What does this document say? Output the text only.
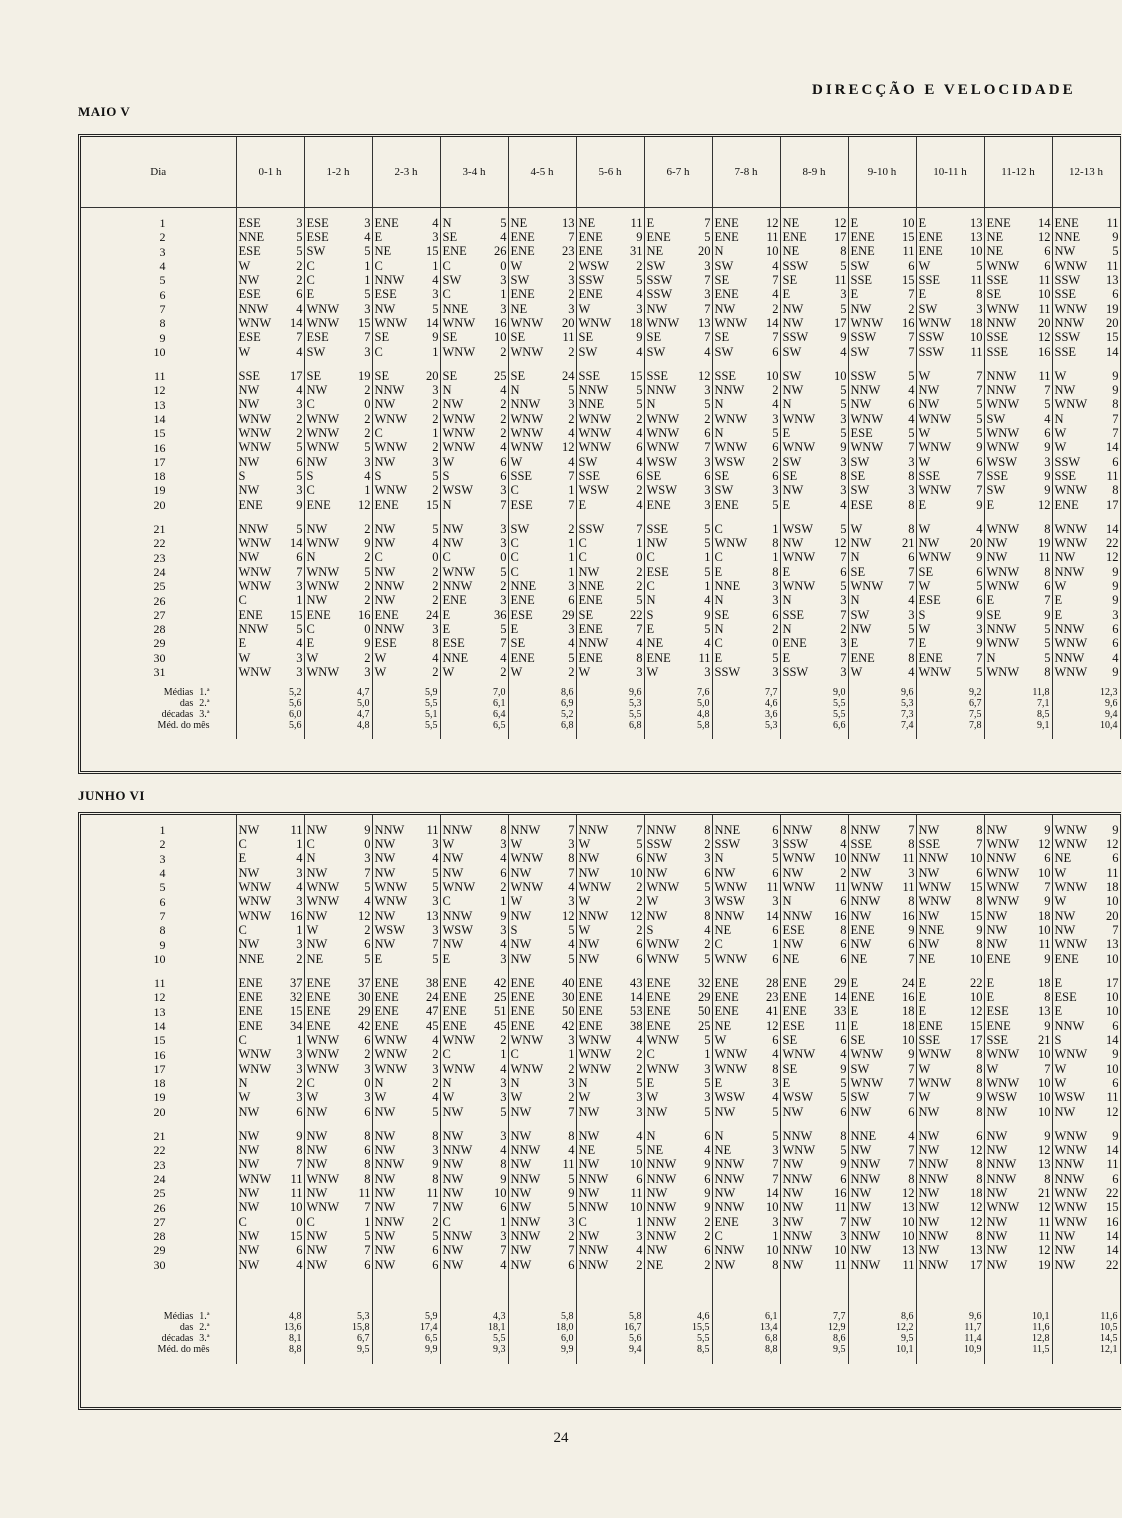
DIRECÇÃO E VELOCIDADE
MAIO V
Dia	0-1 h		1-2 h		2-3 h		3-4 h		4-5 h		5-6 h		6-7 h		7-8 h		8-9 h		9-10 h		10-11 h		11-12 h		12-13 h	

1	ESE	3	ESE	3	ENE	4	N	5	NE	13	NE	11	E	7	ENE	12	NE	12	E	10	E	13	ENE	14	ENE	11
2	NNE	5	ESE	4	E	3	SE	4	ENE	7	ENE	9	ENE	5	ENE	11	ENE	17	ENE	15	ENE	13	NE	12	NNE	9
3	ESE	5	SW	5	NE	15	ENE	26	ENE	23	ENE	31	NE	20	N	10	NE	8	ENE	11	ENE	10	NE	6	NW	5
4	W	2	C	1	C	1	C	0	W	2	WSW	2	SW	3	SW	4	SSW	5	SW	6	W	5	WNW	6	WNW	11
5	NW	2	C	1	NNW	4	SW	3	SW	3	SSW	5	SSW	7	SE	7	SE	11	SSE	15	SSE	11	SSE	11	SSW	13
6	ESE	6	E	5	ESE	3	C	1	ENE	2	ENE	4	SSW	3	ENE	4	E	3	E	7	E	8	SE	10	SSE	6
7	NNW	4	WNW	3	NW	5	NNE	3	NE	3	W	3	NW	7	NW	2	NW	5	NW	2	SW	3	WNW	11	WNW	19
8	WNW	14	WNW	15	WNW	14	WNW	16	WNW	20	WNW	18	WNW	13	WNW	14	NW	17	WNW	16	WNW	18	NNW	20	NNW	20
9	ESE	7	ESE	7	SE	9	SE	10	SE	11	SE	9	SE	7	SE	7	SSW	9	SSW	7	SSW	10	SSE	12	SSW	15
10	W	4	SW	3	C	1	WNW	2	WNW	2	SW	4	SW	4	SW	6	SW	4	SW	7	SSW	11	SSE	16	SSE	14

11	SSE	17	SE	19	SE	20	SE	25	SE	24	SSE	15	SSE	12	SSE	10	SW	10	SSW	5	W	7	NNW	11	W	9
12	NW	4	NW	2	NNW	3	N	4	N	5	NNW	5	NNW	3	NNW	2	NW	5	NNW	4	NW	7	NNW	7	NW	9
13	NW	3	C	0	NW	2	NW	2	NNW	3	NNE	5	N	5	N	4	N	5	NW	6	NW	5	WNW	5	WNW	8
14	WNW	2	WNW	2	WNW	2	WNW	2	WNW	2	WNW	2	WNW	2	WNW	3	WNW	3	WNW	4	WNW	5	SW	4	N	7
15	WNW	2	WNW	2	C	1	WNW	2	WNW	4	WNW	4	WNW	6	N	5	E	5	ESE	5	W	5	WNW	6	W	7
16	WNW	5	WNW	5	WNW	2	WNW	4	WNW	12	WNW	6	WNW	7	WNW	6	WNW	9	WNW	7	WNW	9	WNW	9	W	14
17	NW	6	NW	3	NW	3	W	6	W	4	SW	4	WSW	3	WSW	2	SW	3	SW	3	W	6	WSW	3	SSW	6
18	S	5	S	4	S	5	S	6	SSE	7	SSE	6	SE	6	SE	6	SE	8	SE	8	SSE	7	SSE	9	SSE	11
19	NW	3	C	1	WNW	2	WSW	3	C	1	WSW	2	WSW	3	SW	3	NW	3	SW	3	WNW	7	SW	9	WNW	8
20	ENE	9	ENE	12	ENE	15	N	7	ESE	7	E	4	ENE	3	ENE	5	E	4	ESE	8	E	9	E	12	ENE	17

21	NNW	5	NW	2	NW	5	NW	3	SW	2	SSW	7	SSE	5	C	1	WSW	5	W	8	W	4	WNW	8	WNW	14
22	WNW	14	WNW	9	NW	4	NW	3	C	1	C	1	NW	5	WNW	8	NW	12	NW	21	NW	20	NW	19	WNW	22
23	NW	6	N	2	C	0	C	0	C	1	C	0	C	1	C	1	WNW	7	N	6	WNW	9	NW	11	NW	12
24	WNW	7	WNW	5	NW	2	WNW	5	C	1	NW	2	ESE	5	E	8	E	6	SE	7	SE	6	WNW	8	NNW	9
25	WNW	3	WNW	2	NNW	2	NNW	2	NNE	3	NNE	2	C	1	NNE	3	WNW	5	WNW	7	W	5	WNW	6	W	9
26	C	1	NW	2	NW	2	ENE	3	ENE	6	ENE	5	N	4	N	3	N	3	N	4	ESE	6	E	7	E	9
27	ENE	15	ENE	16	ENE	24	E	36	ESE	29	SE	22	S	9	SE	6	SSE	7	SW	3	S	9	SE	9	E	3
28	NNW	5	C	0	NNW	3	E	5	E	3	ENE	7	E	5	N	2	N	2	NW	5	W	3	NNW	5	NNW	6
29	E	4	E	9	ESE	8	ESE	7	SE	4	NNW	4	NE	4	C	0	ENE	3	E	7	E	9	WNW	5	WNW	6
30	W	3	W	2	W	4	NNE	4	ENE	5	ENE	8	ENE	11	E	5	E	7	ENE	8	ENE	7	N	5	NNW	4
31	WNW	3	WNW	3	W	2	W	2	W	2	W	3	W	3	SSW	3	SSW	3	W	4	WNW	5	WNW	8	WNW	9

Médias 1.ª	5,2		4,7		5,9		7,0		8,6		9,6		7,6		7,7		9,0		9,6		9,2		11,8		12,3	
das 2.ª	5,6		5,0		5,5		6,1		6,9		5,3		5,0		4,6		5,5		5,3		6,7		7,1		9,6	
décadas 3.ª	6,0		4,7		5,1		6,4		5,2		5,5		4,8		3,6		5,5		7,3		7,5		8,5		9,4	
Méd. do mês	5,6		4,8		5,5		6,5		6,8		6,8		5,8		5,3		6,6		7,4		7,8		9,1		10,4	

JUNHO VI

1	NW	11	NW	9	NNW	11	NNW	8	NNW	7	NNW	7	NNW	8	NNE	6	NNW	8	NNW	7	NW	8	NW	9	WNW	9
2	C	1	C	0	NW	3	W	3	W	3	W	5	SSW	2	SSW	3	SSW	4	SSE	8	SSE	7	WNW	12	WNW	12
3	E	4	N	3	NW	4	NW	4	WNW	8	NW	6	NW	3	N	5	WNW	10	NNW	11	NNW	10	NNW	6	NE	6
4	NW	3	NW	7	NW	5	NW	6	NW	7	NW	10	NW	6	NW	6	NW	2	NW	3	NW	6	WNW	10	W	11
5	WNW	4	WNW	5	WNW	5	WNW	2	WNW	4	WNW	2	WNW	5	WNW	11	WNW	11	WNW	11	WNW	15	WNW	7	WNW	18
6	WNW	3	WNW	4	WNW	3	C	1	W	3	W	2	W	3	WSW	3	N	6	NNW	8	WNW	8	WNW	9	W	10
7	WNW	16	NW	12	NW	13	NNW	9	NW	12	NNW	12	NW	8	NNW	14	NNW	16	NW	16	NW	15	NW	18	NW	20
8	C	1	W	2	WSW	3	WSW	3	S	5	W	2	S	4	NE	6	ESE	8	ENE	9	NNE	9	NW	10	NW	7
9	NW	3	NW	6	NW	7	NW	4	NW	4	NW	6	WNW	2	C	1	NW	6	NW	6	NW	8	NW	11	WNW	13
10	NNE	2	NE	5	E	5	E	3	NW	5	NW	6	WNW	5	WNW	6	NE	6	NE	7	NE	10	ENE	9	ENE	10

11	ENE	37	ENE	37	ENE	38	ENE	42	ENE	40	ENE	43	ENE	32	ENE	28	ENE	29	E	24	E	22	E	18	E	17
12	ENE	32	ENE	30	ENE	24	ENE	25	ENE	30	ENE	14	ENE	29	ENE	23	ENE	14	ENE	16	E	10	E	8	ESE	10
13	ENE	15	ENE	29	ENE	47	ENE	51	ENE	50	ENE	53	ENE	50	ENE	41	ENE	33	E	18	E	12	ESE	13	E	10
14	ENE	34	ENE	42	ENE	45	ENE	45	ENE	42	ENE	38	ENE	25	NE	12	ESE	11	E	18	ENE	15	ENE	9	NNW	6
15	C	1	WNW	6	WNW	4	WNW	2	WNW	3	WNW	4	WNW	5	W	6	SE	6	SE	10	SSE	17	SSE	21	S	14
16	WNW	3	WNW	2	WNW	2	C	1	C	1	WNW	2	C	1	WNW	4	WNW	4	WNW	9	WNW	8	WNW	10	WNW	9
17	WNW	3	WNW	3	WNW	3	WNW	4	WNW	2	WNW	2	WNW	3	WNW	8	SE	9	SW	7	W	8	W	7	W	10
18	N	2	C	0	N	2	N	3	N	3	N	5	E	5	E	3	E	5	WNW	7	WNW	8	WNW	10	W	6
19	W	3	W	3	W	4	W	3	W	2	W	3	W	3	WSW	4	WSW	5	SW	7	W	9	WSW	10	WSW	11
20	NW	6	NW	6	NW	5	NW	5	NW	7	NW	3	NW	5	NW	5	NW	6	NW	6	NW	8	NW	10	NW	12

21	NW	9	NW	8	NW	8	NW	3	NW	8	NW	4	N	6	N	5	NNW	8	NNE	4	NW	6	NW	9	WNW	9
22	NW	8	NW	6	NW	3	NNW	4	NNW	4	NE	5	NE	4	NE	3	WNW	5	NW	7	NW	12	NW	12	WNW	14
23	NW	7	NW	8	NNW	9	NW	8	NW	11	NW	10	NNW	9	NNW	7	NW	9	NNW	7	NNW	8	NNW	13	NNW	11
24	WNW	11	WNW	8	NW	8	NW	9	NNW	5	NNW	6	NNW	6	NNW	7	NNW	6	NNW	8	NNW	8	NNW	8	NNW	6
25	NW	11	NW	11	NW	11	NW	10	NW	9	NW	11	NW	9	NW	14	NW	16	NW	12	NW	18	NW	21	WNW	22
26	NW	10	WNW	7	NW	7	NW	6	NW	5	NNW	10	NNW	9	NNW	10	NW	11	NW	13	NW	12	WNW	12	WNW	15
27	C	0	C	1	NNW	2	C	1	NNW	3	C	1	NNW	2	ENE	3	NW	7	NW	10	NW	12	NW	11	WNW	16
28	NW	15	NW	5	NW	5	NNW	3	NNW	2	NW	3	NNW	2	C	1	NNW	3	NNW	10	NNW	8	NW	11	NW	14
29	NW	6	NW	7	NW	6	NW	7	NW	7	NNW	4	NW	6	NNW	10	NNW	10	NW	13	NW	13	NW	12	NW	14
30	NW	4	NW	6	NW	6	NW	4	NW	6	NNW	2	NE	2	NW	8	NW	11	NNW	11	NNW	17	NW	19	NW	22

Médias 1.ª	4,8		5,3		5,9		4,3		5,8		5,8		4,6		6,1		7,7		8,6		9,6		10,1		11,6	
das 2.ª	13,6		15,8		17,4		18,1		18,0		16,7		15,5		13,4		12,9		12,2		11,7		11,6		10,5	
décadas 3.ª	8,1		6,7		6,5		5,5		6,0		5,6		5,5		6,8		8,6		9,5		11,4		12,8		14,5	
Méd. do mês	8,8		9,5		9,9		9,3		9,9		9,4		8,5		8,8		9,5		10,1		10,9		11,5		12,1	

24
